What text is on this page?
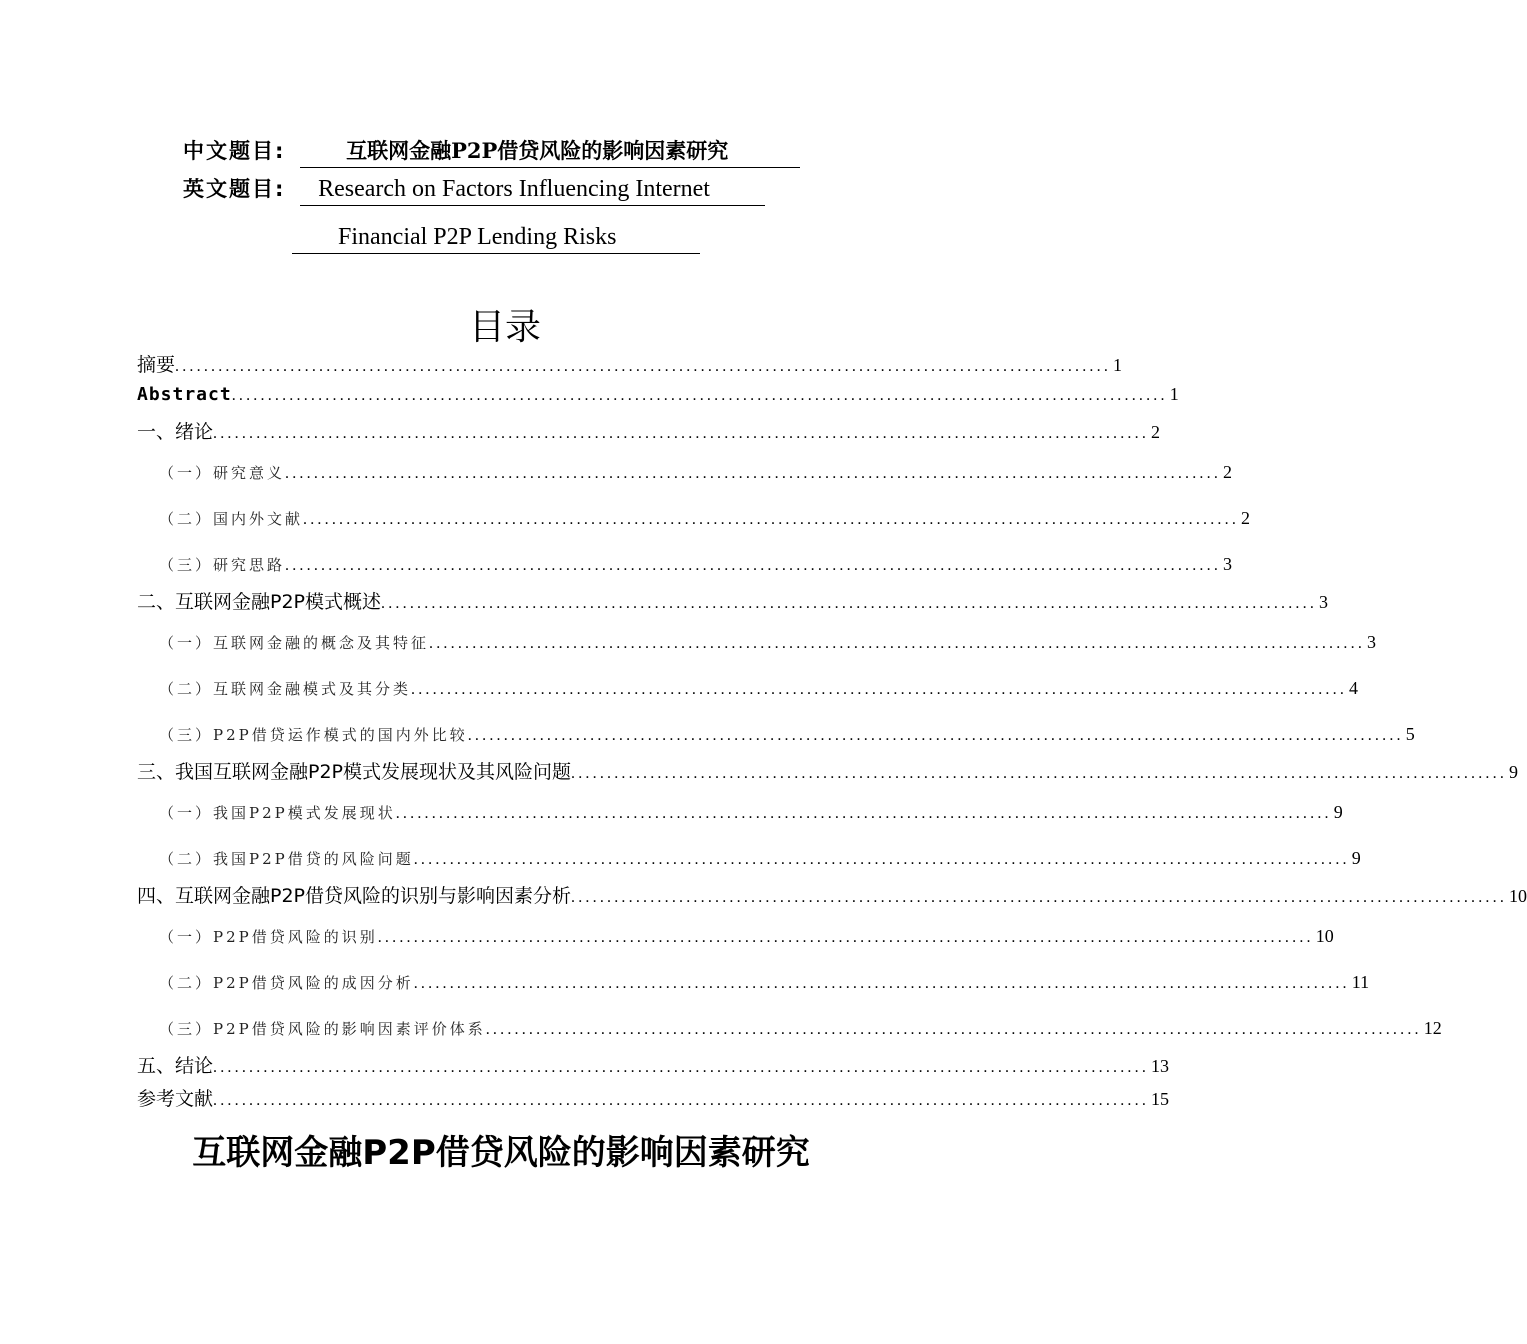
中文题目:	互联网金融P2P借贷风险的影响因素研究
英文题目: Research on Factors Influencing Internet
Financial P2P Lending Risks
目录
摘要 .................................................................................................................................. 1
Abstract .................................................................................................................................. 1
一、绪论 .................................................................................................................................. 2
（一）研究意义 .................................................................................................................................. 2
（二）国内外文献 .................................................................................................................................. 2
（三）研究思路 .................................................................................................................................. 3
二、互联网金融P2P模式概述 .................................................................................................................................. 3
（一）互联网金融的概念及其特征 .................................................................................................................................. 3
（二）互联网金融模式及其分类 .................................................................................................................................. 4
（三）P2P借贷运作模式的国内外比较 .................................................................................................................................. 5
三、我国互联网金融P2P模式发展现状及其风险问题 .................................................................................................................................. 9
（一）我国P2P模式发展现状 .................................................................................................................................. 9
（二）我国P2P借贷的风险问题 .................................................................................................................................. 9
四、互联网金融P2P借贷风险的识别与影响因素分析 .................................................................................................................................. 10
（一）P2P借贷风险的识别 .................................................................................................................................. 10
（二）P2P借贷风险的成因分析 .................................................................................................................................. 11
（三）P2P借贷风险的影响因素评价体系 .................................................................................................................................. 12
五、结论 .................................................................................................................................. 13
参考文献 .................................................................................................................................. 15
互联网金融P2P借贷风险的影响因素研究
